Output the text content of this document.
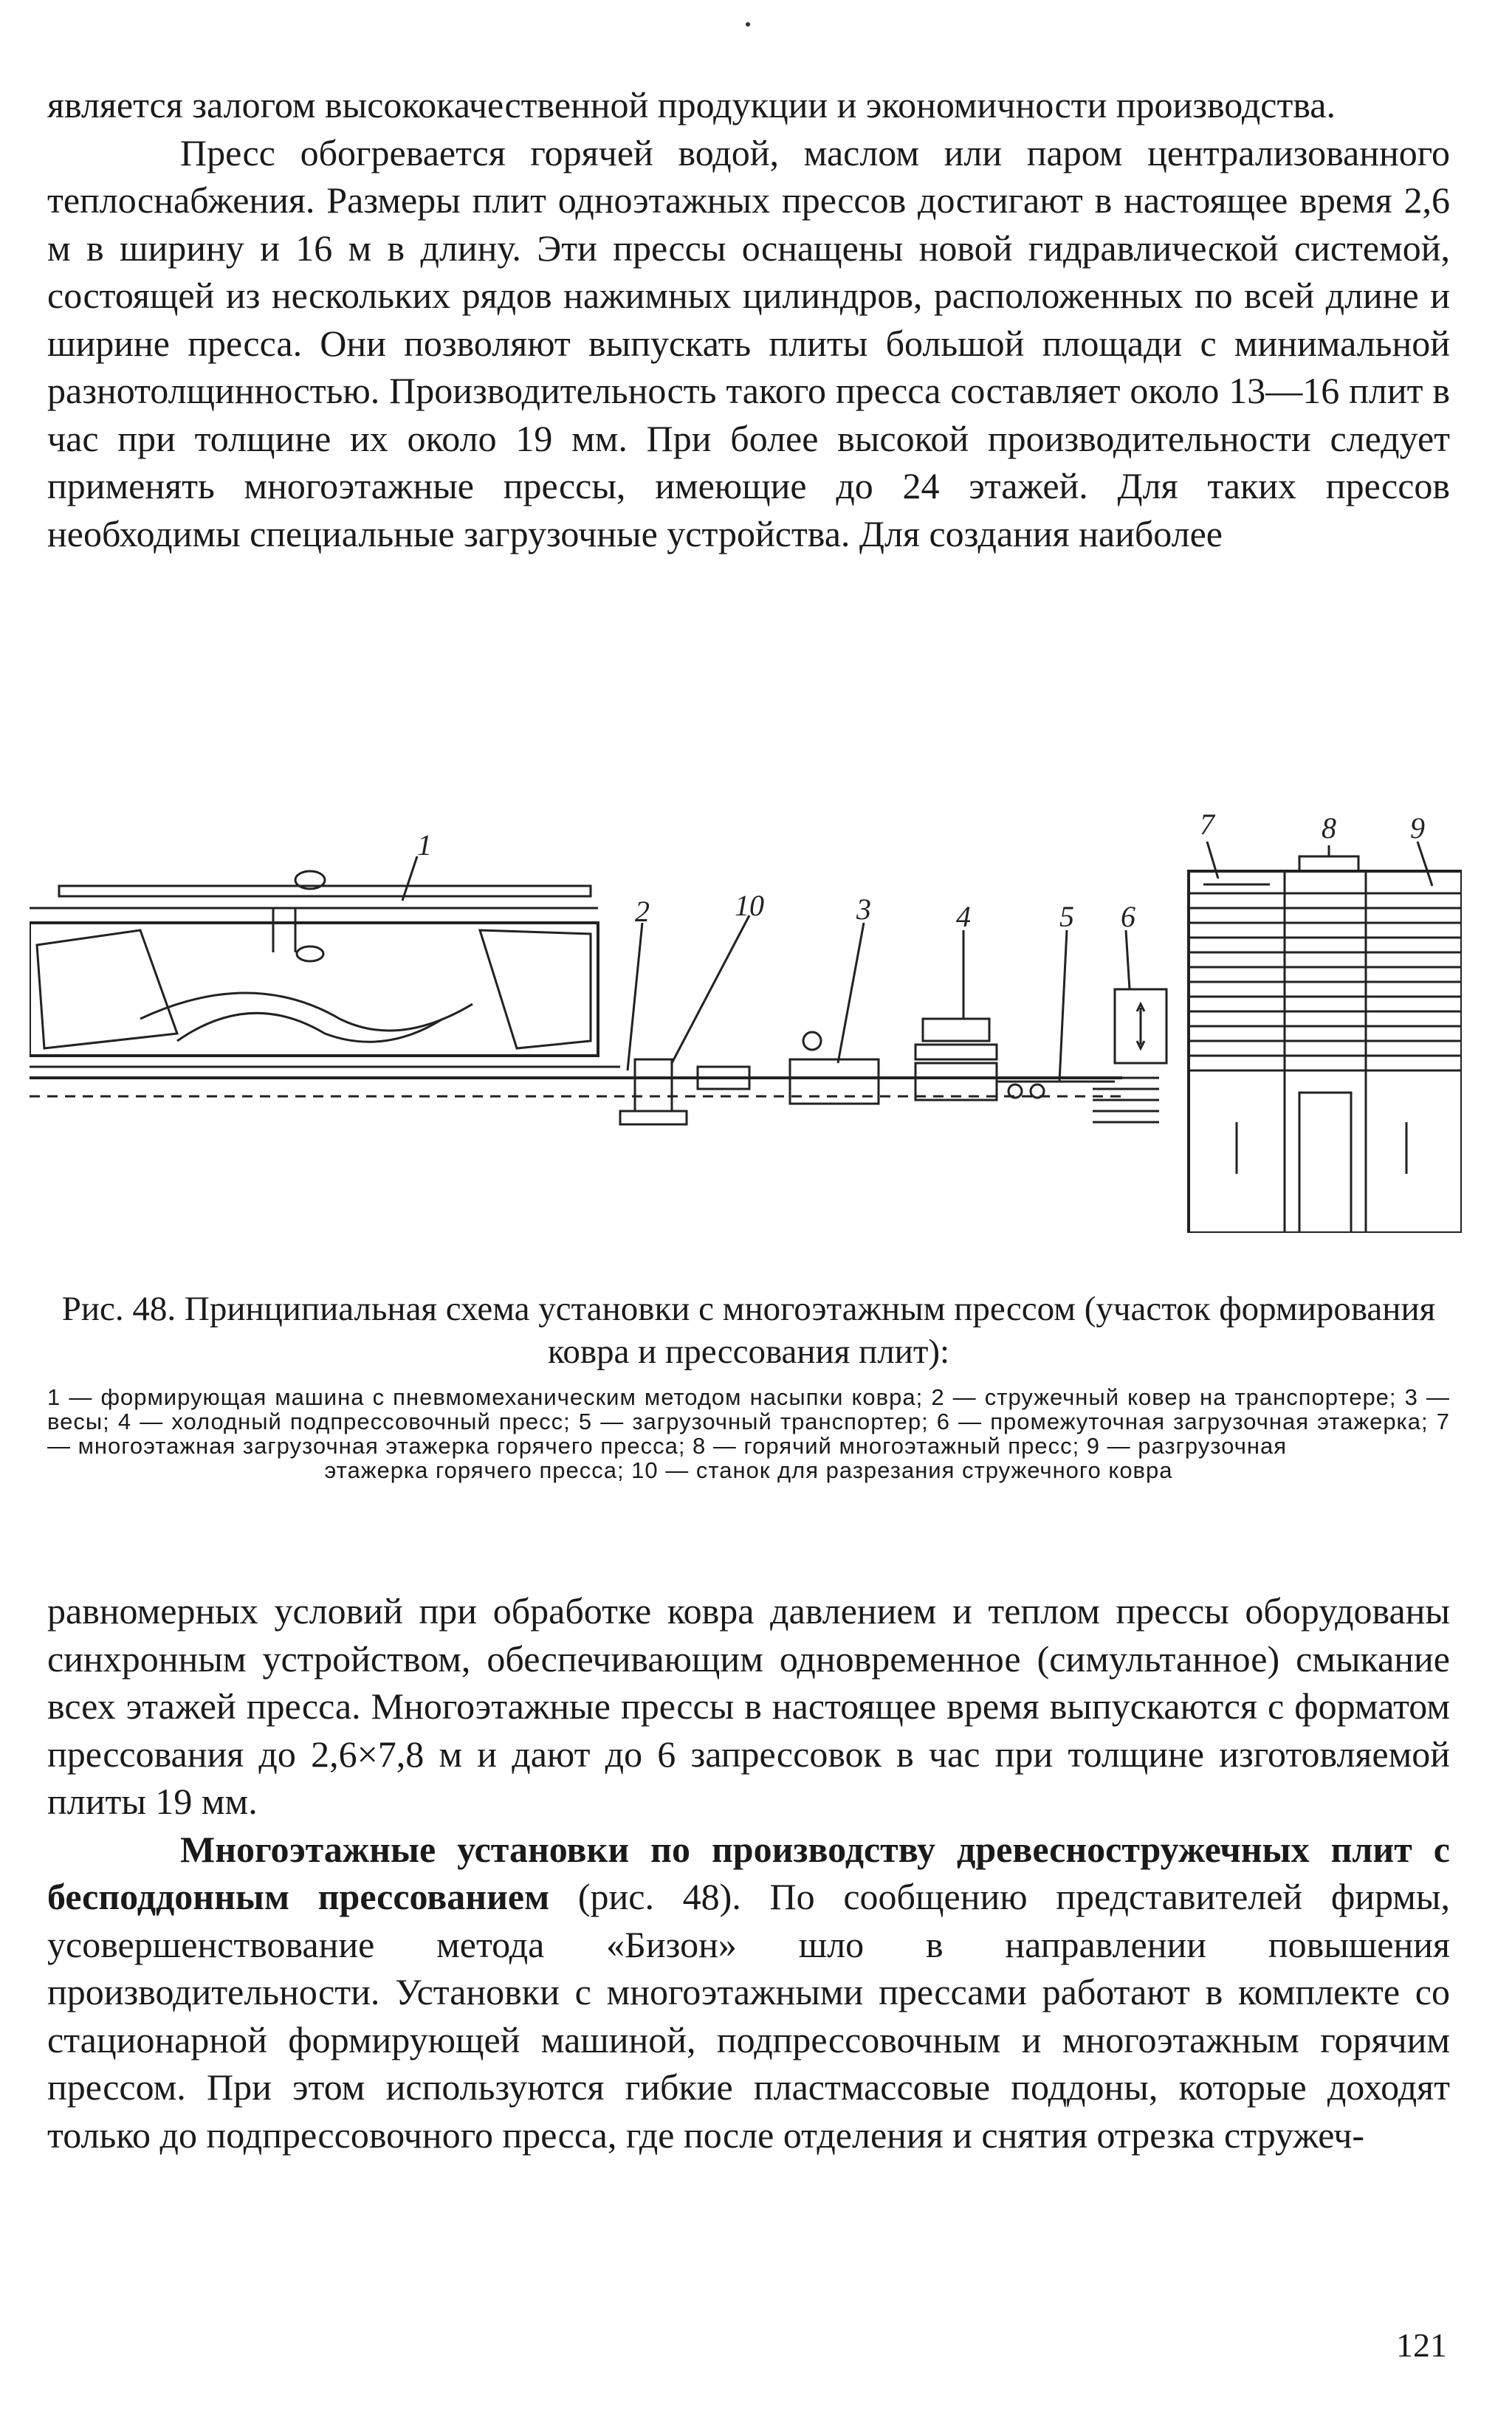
является залогом высококачественной продукции и экономичности производства.

Пресс обогревается горячей водой, маслом или паром централизованного теплоснабжения. Размеры плит одноэтажных прессов достигают в настоящее время 2,6 м в ширину и 16 м в длину. Эти прессы оснащены новой гидравлической системой, состоящей из нескольких рядов нажимных цилиндров, расположенных по всей длине и ширине пресса. Они позволяют выпускать плиты большой площади с минимальной разнотолщинностью. Производительность такого пресса составляет около 13—16 плит в час при толщине их около 19 мм. При более высокой производительности следует применять многоэтажные прессы, имеющие до 24 этажей. Для таких прессов необходимы специальные загрузочные устройства. Для создания наиболее

1
2	10	3	4	5 6
7	8	9
Рис. 48. Принципиальная схема установки с многоэтажным прессом (участок формирования ковра и прессования плит):
1 — формирующая машина с пневмомеханическим методом насыпки ковра; 2 — стружечный ковер на транспортере; 3 — весы; 4 — холодный подпрессовочный пресс; 5 — загрузочный транспортер; 6 — промежуточная загрузочная этажерка; 7 — многоэтажная загрузочная этажерка горячего пресса; 8 — горячий многоэтажный пресс; 9 — разгрузочная
этажерка горячего пресса; 10 — станок для разрезания стружечного ковра

равномерных условий при обработке ковра давлением и теплом прессы оборудованы синхронным устройством, обеспечивающим одновременное (симультанное) смыкание всех этажей пресса. Многоэтажные прессы в настоящее время выпускаются с форматом прессования до 2,6×7,8 м и дают до 6 запрессовок в час при толщине изготовляемой плиты 19 мм.

Многоэтажные установки по производству древесностружечных плит с бесподдонным прессованием (рис. 48). По сообщению представителей фирмы, усовершенствование метода «Бизон» шло в направлении повышения производительности. Установки с многоэтажными прессами работают в комплекте со стационарной формирующей машиной, подпрессовочным и многоэтажным горячим прессом. При этом используются гибкие пластмассовые поддоны, которые доходят только до подпрессовочного пресса, где после отделения и снятия отрезка стружеч-

121
